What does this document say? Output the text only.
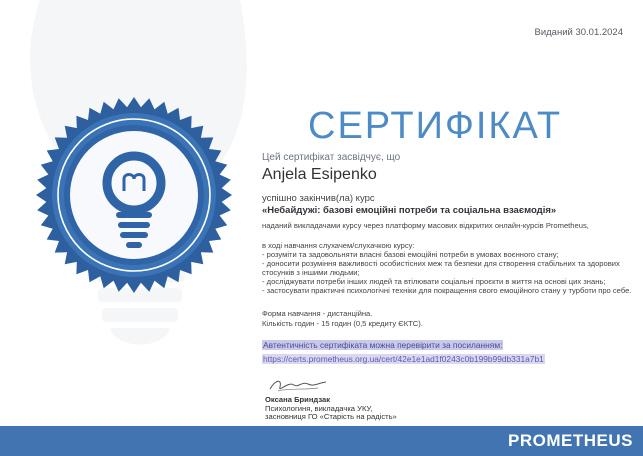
Виданий 30.01.2024
СЕРТИФІКАТ
Цей сертифікат засвідчує, що
Anjela Esipenko
успішно закінчив(ла) курс
«Небайдужі: базові емоційні потреби та соціальна взаємодія»
наданий викладачами курсу через платформу масових відкритих онлайн-курсів Prometheus,
в ході навчання слухачем/слухачкою курсу:
- розуміти та задовольняти власні базові емоційні потреби в умовах воєнного стану;
- доносити розуміння важливості особистісних меж та безпеки для створення стабільних та здорових стосунків з іншими людьми;
- досліджувати потреби інших людей та втілювати соціальні проєкти в життя на основі цих знань;
- застосувати практичні психологічні техніки для покращення свого емоційного стану у турботи про себе.
Форма навчання - дистанційна.
Кількість годин - 15 годин (0,5 кредиту ЄКТС).
Автентичність сертифіката можна перевірити за посиланням:
https://certs.prometheus.org.ua/cert/42e1e1ad1f0243c0b199b99db331a7b1
Оксана Бриндзак
Психологиня, викладачка УКУ,
засновниця ГО «Старість на радість»
PROMETHEUS
